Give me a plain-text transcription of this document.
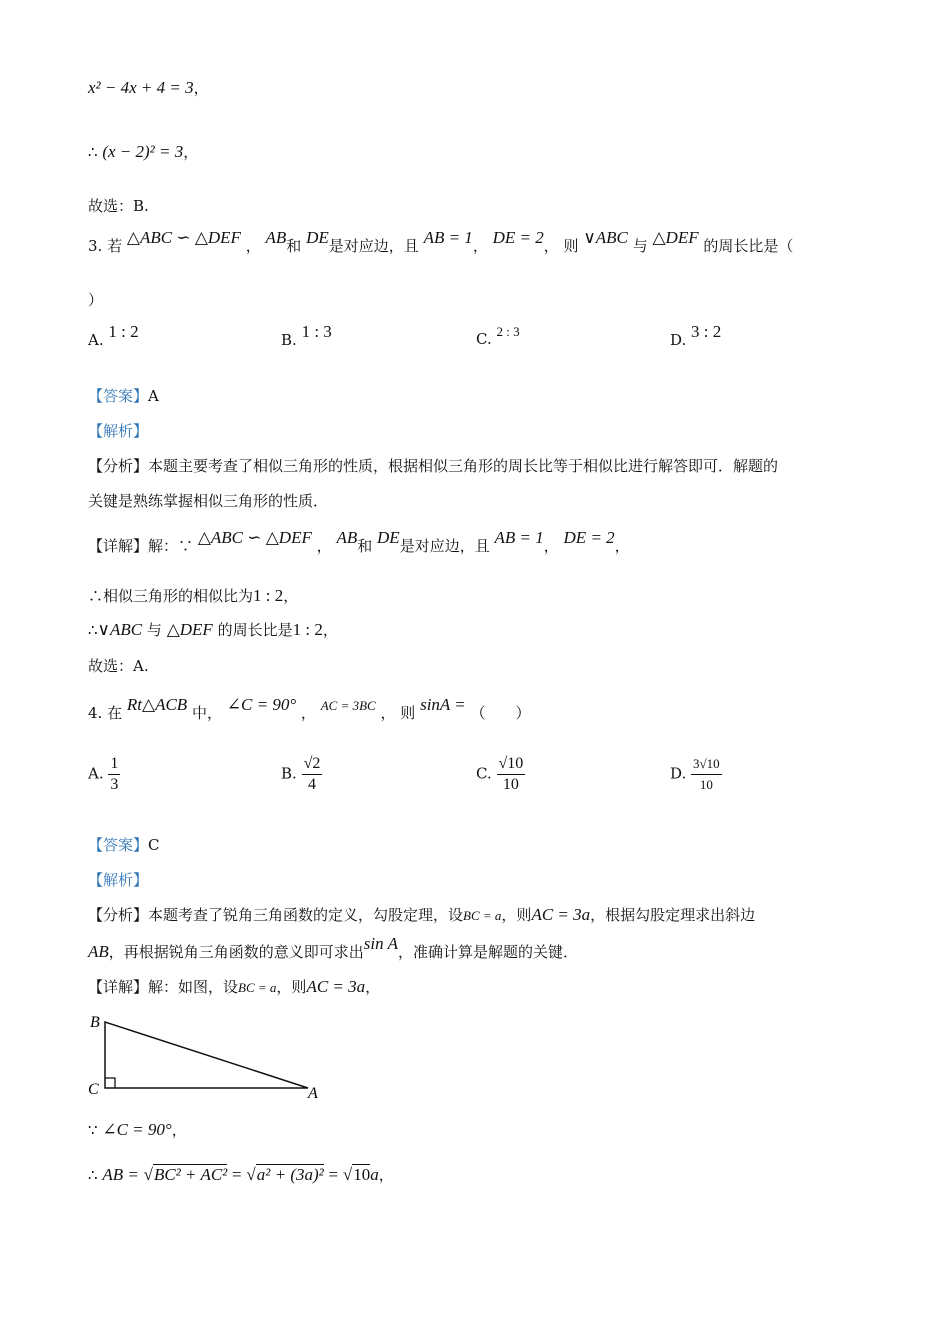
x² − 4x + 4 = 3，
∴ (x − 2)² = 3，
故选：B.
3. 若 △ABC ∽ △DEF ， AB和 DE是对应边，且 AB = 1， DE = 2， 则 ∨ABC 与 △DEF 的周长比是（
）
A. 1 : 2	B. 1 : 3	C. 2 : 3	D. 3 : 2
【答案】A
【解析】
【分析】本题主要考查了相似三角形的性质，根据相似三角形的周长比等于相似比进行解答即可．解题的
关键是熟练掌握相似三角形的性质．
【详解】解：∵ △ABC ∽ △DEF ， AB和 DE是对应边，且 AB = 1， DE = 2，
∴相似三角形的相似比为1 : 2，
∴∨ABC 与 △DEF 的周长比是1 : 2，
故选：A.
4. 在 Rt△ACB 中， ∠C = 90° ， AC = 3BC ， 则 sinA = （　　）
A. $\frac{1}{3}$	B. $\frac{√2}{4}$	C. $\frac{√10}{10}$	D. $\frac{3√10}{10}$
【答案】C
【解析】
【分析】本题考查了锐角三角函数的定义，勾股定理，设BC = a，则AC = 3a，根据勾股定理求出斜边
AB，再根据锐角三角函数的意义即可求出sin A，准确计算是解题的关键．
【详解】解：如图，设BC = a，则AC = 3a，
B
C	A
∵ ∠C = 90°，
∴ AB = √BC² + AC² = √a² + (3a)² = √10a，
